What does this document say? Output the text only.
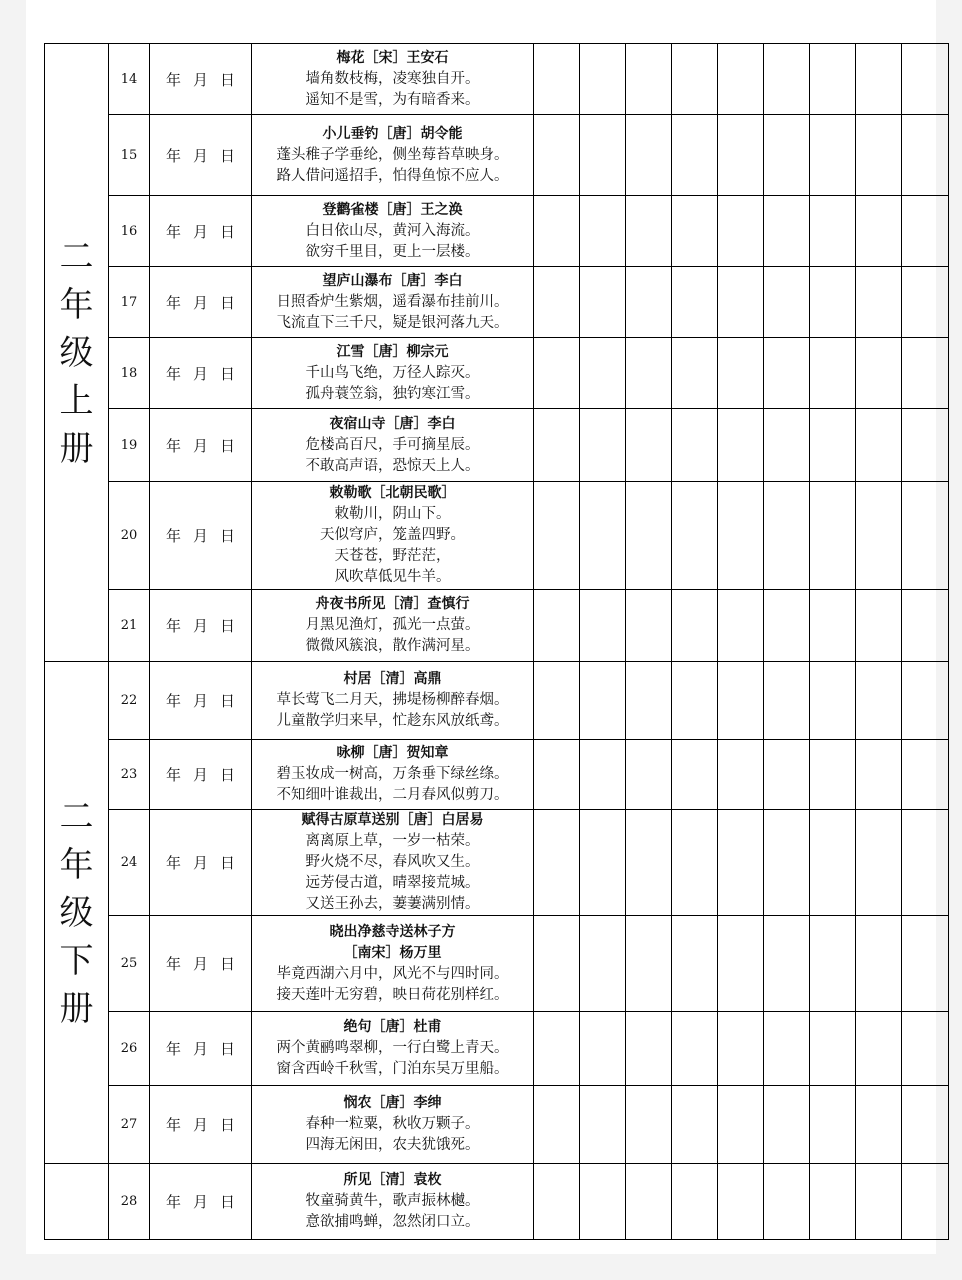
二年级上册	14	年 月 日	梅花［宋］王安石
墙角数枝梅，凌寒独自开。
遥知不是雪，为有暗香来。									

	15	年 月 日	小儿垂钓［唐］胡令能
蓬头稚子学垂纶，侧坐莓苔草映身。
路人借问遥招手，怕得鱼惊不应人。									

	16	年 月 日	登鹳雀楼［唐］王之涣
白日依山尽，黄河入海流。
欲穷千里目，更上一层楼。									

	17	年 月 日	望庐山瀑布［唐］李白
日照香炉生紫烟，遥看瀑布挂前川。
飞流直下三千尺，疑是银河落九天。									

	18	年 月 日	江雪［唐］柳宗元
千山鸟飞绝，万径人踪灭。
孤舟蓑笠翁，独钓寒江雪。									

	19	年 月 日	夜宿山寺［唐］李白
危楼高百尺，手可摘星辰。
不敢高声语，恐惊天上人。									

	20	年 月 日	敕勒歌［北朝民歌］
敕勒川，阴山下。
天似穹庐，笼盖四野。
天苍苍，野茫茫，
风吹草低见牛羊。									

	21	年 月 日	舟夜书所见［清］查慎行
月黑见渔灯，孤光一点萤。
微微风簇浪，散作满河星。									

二年级下册	22	年 月 日	村居［清］高鼎
草长莺飞二月天，拂堤杨柳醉春烟。
儿童散学归来早，忙趁东风放纸鸢。									

	23	年 月 日	咏柳［唐］贺知章
碧玉妆成一树高，万条垂下绿丝绦。
不知细叶谁裁出，二月春风似剪刀。									

	24	年 月 日	赋得古原草送别［唐］白居易
离离原上草，一岁一枯荣。
野火烧不尽，春风吹又生。
远芳侵古道，晴翠接荒城。
又送王孙去，萋萋满别情。									

	25	年 月 日	晓出净慈寺送林子方
［南宋］杨万里
毕竟西湖六月中，风光不与四时同。
接天莲叶无穷碧，映日荷花别样红。									

	26	年 月 日	绝句［唐］杜甫
两个黄鹂鸣翠柳，一行白鹭上青天。
窗含西岭千秋雪，门泊东吴万里船。									

	27	年 月 日	悯农［唐］李绅
春种一粒粟，秋收万颗子。
四海无闲田，农夫犹饿死。									

	28	年 月 日	所见［清］袁枚
牧童骑黄牛，歌声振林樾。
意欲捕鸣蝉，忽然闭口立。									
